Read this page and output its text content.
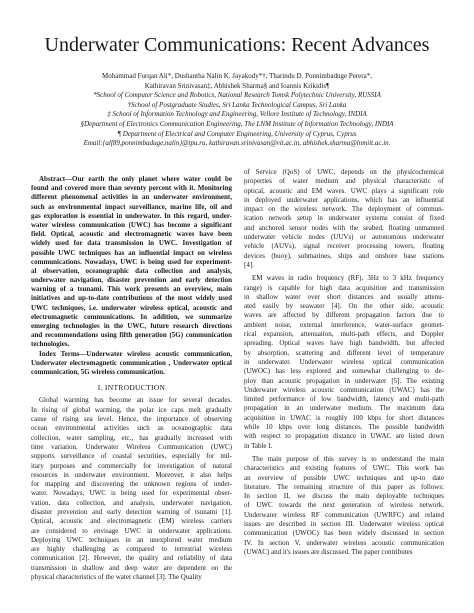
Underwater Communications: Recent Advances
Mohammad Furqan Ali*, Dushantha Nalin K. Jayakody*†, Tharindu D. Ponnimbaduge Perera*,
Kathiravan Srinivasan‡, Abhishek Sharma§ and Ioannis Krikidis¶
*School of Computer Science and Robotics, National Research Tomsk Polytechnic University, RUSSIA
†School of Postgraduate Studies, Sri Lanka Technological Campus, Sri Lanka
‡ School of Information Technology and Engineering, Vellore Institute of Technology, INDIA
§Department of Electronics Communication Engineering, The LNM Institute of Information Technology, INDIA
¶ Department of Electrical and Computer Engineering, University of Cyprus, Cyprus
Email:{alf89,ponnimbaduge,nalin}@tpu.ru, kathiravan.srinivasan@vit.ac.in, abhishek.sharma@lnmiit.ac.in.
Abstract—Our earth the only planet where water could be
found and covered more than seventy percent with it. Monitoring
different phenomenal activities in an underwater environment,
such as environmental impact surveillance, marine life, oil and
gas exploration is essential in underwater. In this regard, under-
water wireless communication (UWC) has become a significant
field. Optical, acoustic and electromagnetic waves have been
widely used for data transmission in UWC. Investigation of
possible UWC techniques has an influential impact on wireless
communications. Nowadays, UWC is being used for experiment-
al observation, oceanographic data collection and analysis,
underwater navigation, disaster prevention and early detection
warning of a tsunami. This work presents an overview, main
initiatives and up-to-date contributions of the most widely used
UWC techniques, i.e. underwater wireless optical, acoustic and
electromagnetic communications. In addition, we summarize
emerging technologies in the UWC, future research directions
and recommendations using fifth generation (5G) communication
technologies.
Index Terms—Underwater wireless acoustic communication,
Underwater electromagnetic communication , Underwater optical
communication, 5G wireless communication.
I. INTRODUCTION
Global warming has become an issue for several decades.
In rising of global warming, the polar ice caps melt gradually
cause of rising sea level. Hence, the importance of observing
ocean environmental activities such as oceanographic data
collection, water sampling, etc., has gradually increased with
time variation. Underwater Wireless Communication (UWC)
supports surveillance of coastal securities, especially for mil-
itary purposes and commercially for investigation of natural
resources in underwater environment. Moreover, it also helps
for mapping and discovering the unknown regions of under-
water. Nowadays, UWC is being used for experimental obser-
vation, data collection, and analysis, underwater navigation,
disaster prevention and early detection warning of tsunami [1].
Optical, acoustic and electromagnetic (EM) wireless carriers
are considered to envisage UWC in underwater applications.
Deploying UWC techniques in an unexplored water medium
are highly challenging as compared to terrestrial wireless
communication [2]. However, the quality and reliability of data
transmission in shallow and deep water are dependent on the
physical characteristics of the water channel [3]. The Quality
of Service (QoS) of UWC, depends on the physicochemical
properties of water medium and physical characteristic of
optical, acoustic and EM waves. UWC plays a significant role
in deployed underwater applications, which has an influential
impact on the wireless network. The deployment of commun-
ication network setup in underwater systems consist of fixed
and anchored sensor nodes with the seabed, floating unmanned
underwater vehicle nodes (UUVs) or autonomous underwater
vehicle (AUVs), signal receiver processing towers, floating
devices (buoy), submarines, ships and onshore base stations
[4].
EM waves in radio frequency (RF), 3Hz to 3 kHz frequency
range) is capable for high data acquisition and transmission
in shallow water over short distances and usually attenu-
ated easily by seawater [4]. On the other side, acoustic
waves are affected by different propagation factors due to
ambient noise, external interference, water-surface geomet-
rical expansion, attenuation, multi-path effects, and Doppler
spreading. Optical waves have high bandwidth, but affected
by absorption, scattering and different level of temperature
in underwater. Underwater wireless optical communication
(UWOC) has less explored and somewhat challenging to de-
ploy than acoustic propagation in underwater [5]. The existing
Underwater wireless acoustic communication (UWAC) has the
limited performance of low bandwidth, latency and multi-path
propagation in an underwater medium. The maximum data
acquisition in UWAC is roughly 100 kbps for short distances
while 10 kbps over long distances. The possible bandwidth
with respect to propagation distance in UWAC are listed down
in Table I.
The main purpose of this survey is to understand the main
characteristics and existing features of UWC. This work has
an overview of possible UWC techniques and up-to date
literature. The remaining structure of this paper as follows:
In section II, we discuss the main deployable techniques
of UWC towards the next generation of wireless network.
Underwater wireless RF communication (UWRFC) and related
issues are described in section III. Underwater wireless optical
communication (UWOC) has been widely discussed in section
IV. In section V, underwater wireless acoustic communication
(UWAC) and it's issues are discussed. The paper contributes
